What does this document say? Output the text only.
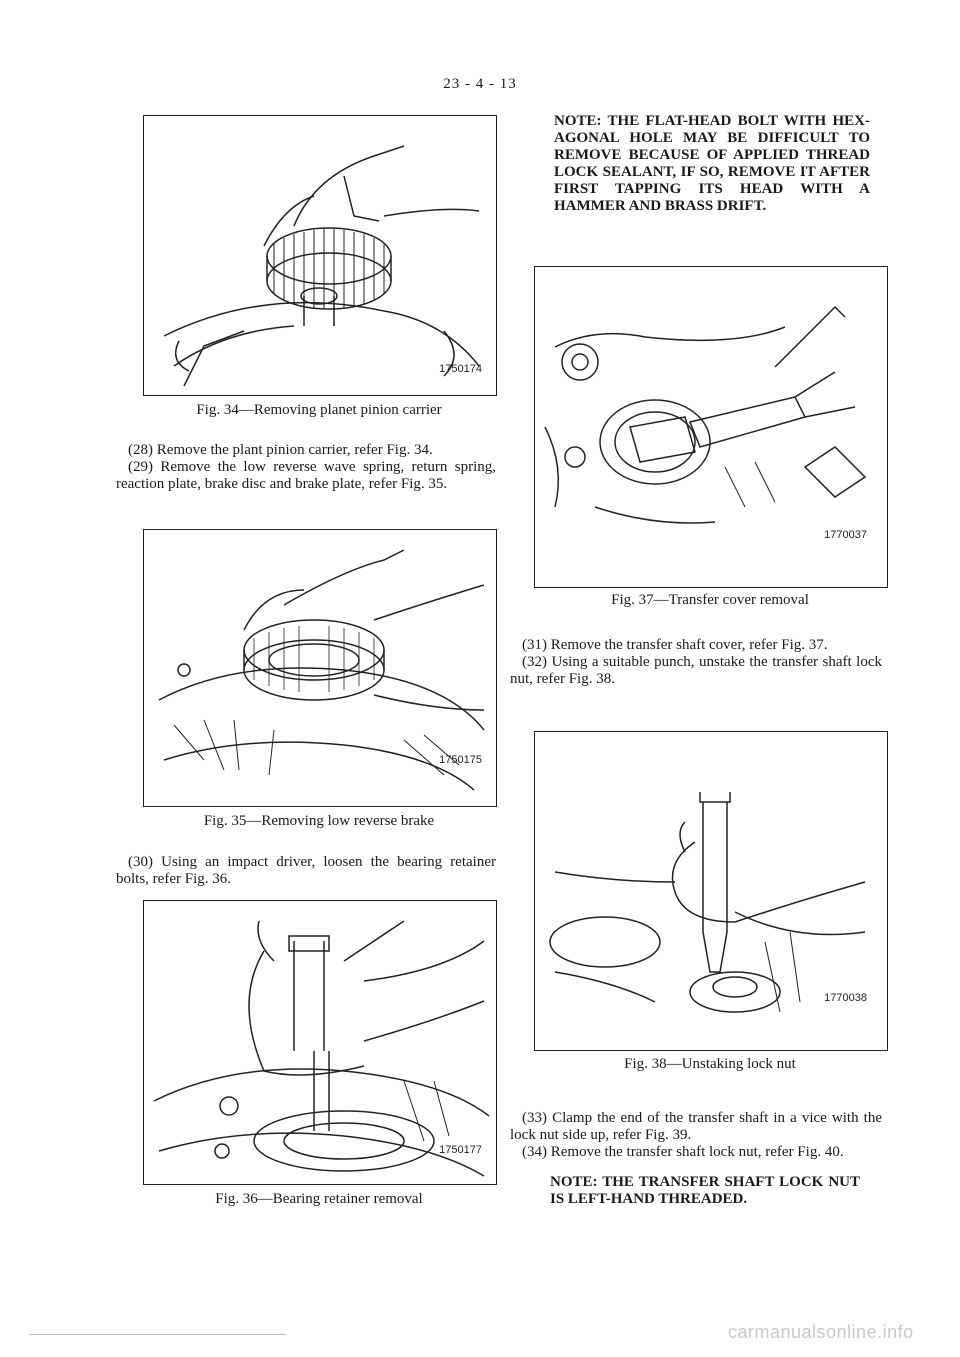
23 - 4 - 13
1750174
Fig. 34—Removing planet pinion carrier

(28) Remove the plant pinion carrier, refer Fig. 34.

(29) Remove the low reverse wave spring, return spring, reaction plate, brake disc and brake plate, refer Fig. 35.

1750175
Fig. 35—Removing low reverse brake

(30) Using an impact driver, loosen the bearing retainer bolts, refer Fig. 36.

1750177
Fig. 36—Bearing retainer removal
NOTE: THE FLAT-HEAD BOLT WITH HEX-AGONAL HOLE MAY BE DIFFICULT TO REMOVE BECAUSE OF APPLIED THREAD LOCK SEALANT, IF SO, REMOVE IT AFTER FIRST TAPPING ITS HEAD WITH A HAMMER AND BRASS DRIFT.
1770037
Fig. 37—Transfer cover removal

(31) Remove the transfer shaft cover, refer Fig. 37.

(32) Using a suitable punch, unstake the transfer shaft lock nut, refer Fig. 38.

1770038
Fig. 38—Unstaking lock nut

(33) Clamp the end of the transfer shaft in a vice with the lock nut side up, refer Fig. 39.

(34) Remove the transfer shaft lock nut, refer Fig. 40.

NOTE: THE TRANSFER SHAFT LOCK NUT IS LEFT-HAND THREADED.
carmanualsonline.info
